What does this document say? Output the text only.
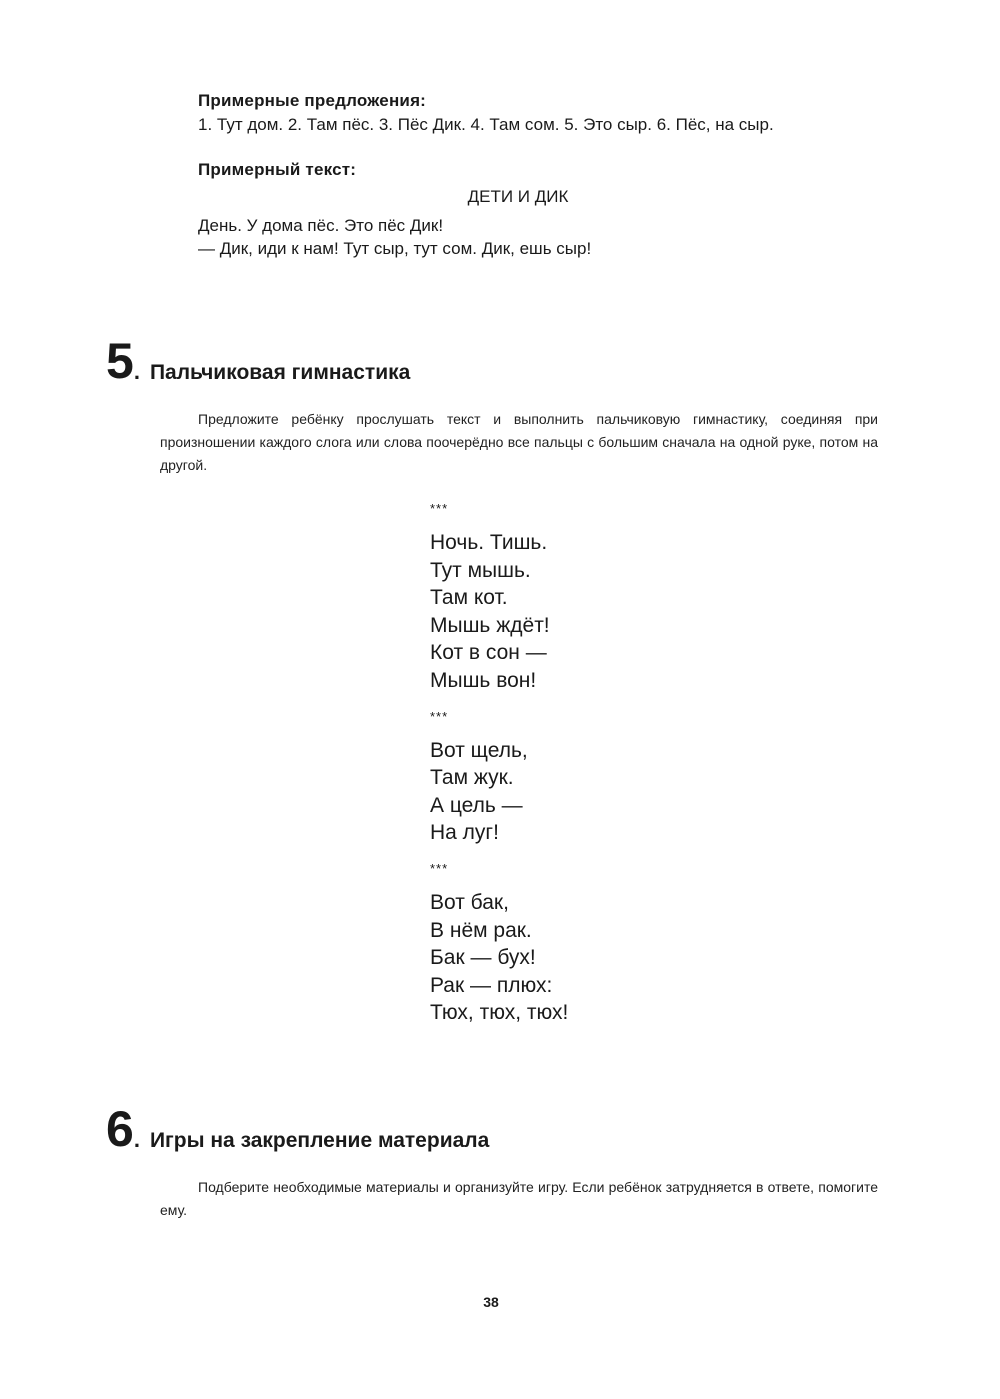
Примерные предложения:
1. Тут дом. 2. Там пёс. 3. Пёс Дик. 4. Там сом. 5. Это сыр. 6. Пёс, на сыр.
Примерный текст:
ДЕТИ И ДИК
День. У дома пёс. Это пёс Дик!
— Дик, иди к нам! Тут сыр, тут сом. Дик, ешь сыр!
5 . Пальчиковая гимнастика
Предложите ребёнку прослушать текст и выполнить пальчиковую гимнастику, соединяя при произношении каждого слога или слова поочерёдно все пальцы с большим сначала на одной руке, потом на другой.
***
Ночь. Тишь.
Тут мышь.
Там кот.
Мышь ждёт!
Кот в сон —
Мышь вон!
***
Вот щель,
Там жук.
А цель —
На луг!
***
Вот бак,
В нём рак.
Бак — бух!
Рак — плюх:
Тюх, тюх, тюх!
6 . Игры на закрепление материала
Подберите необходимые материалы и организуйте игру. Если ребёнок затрудняется в ответе, помогите ему.
38
